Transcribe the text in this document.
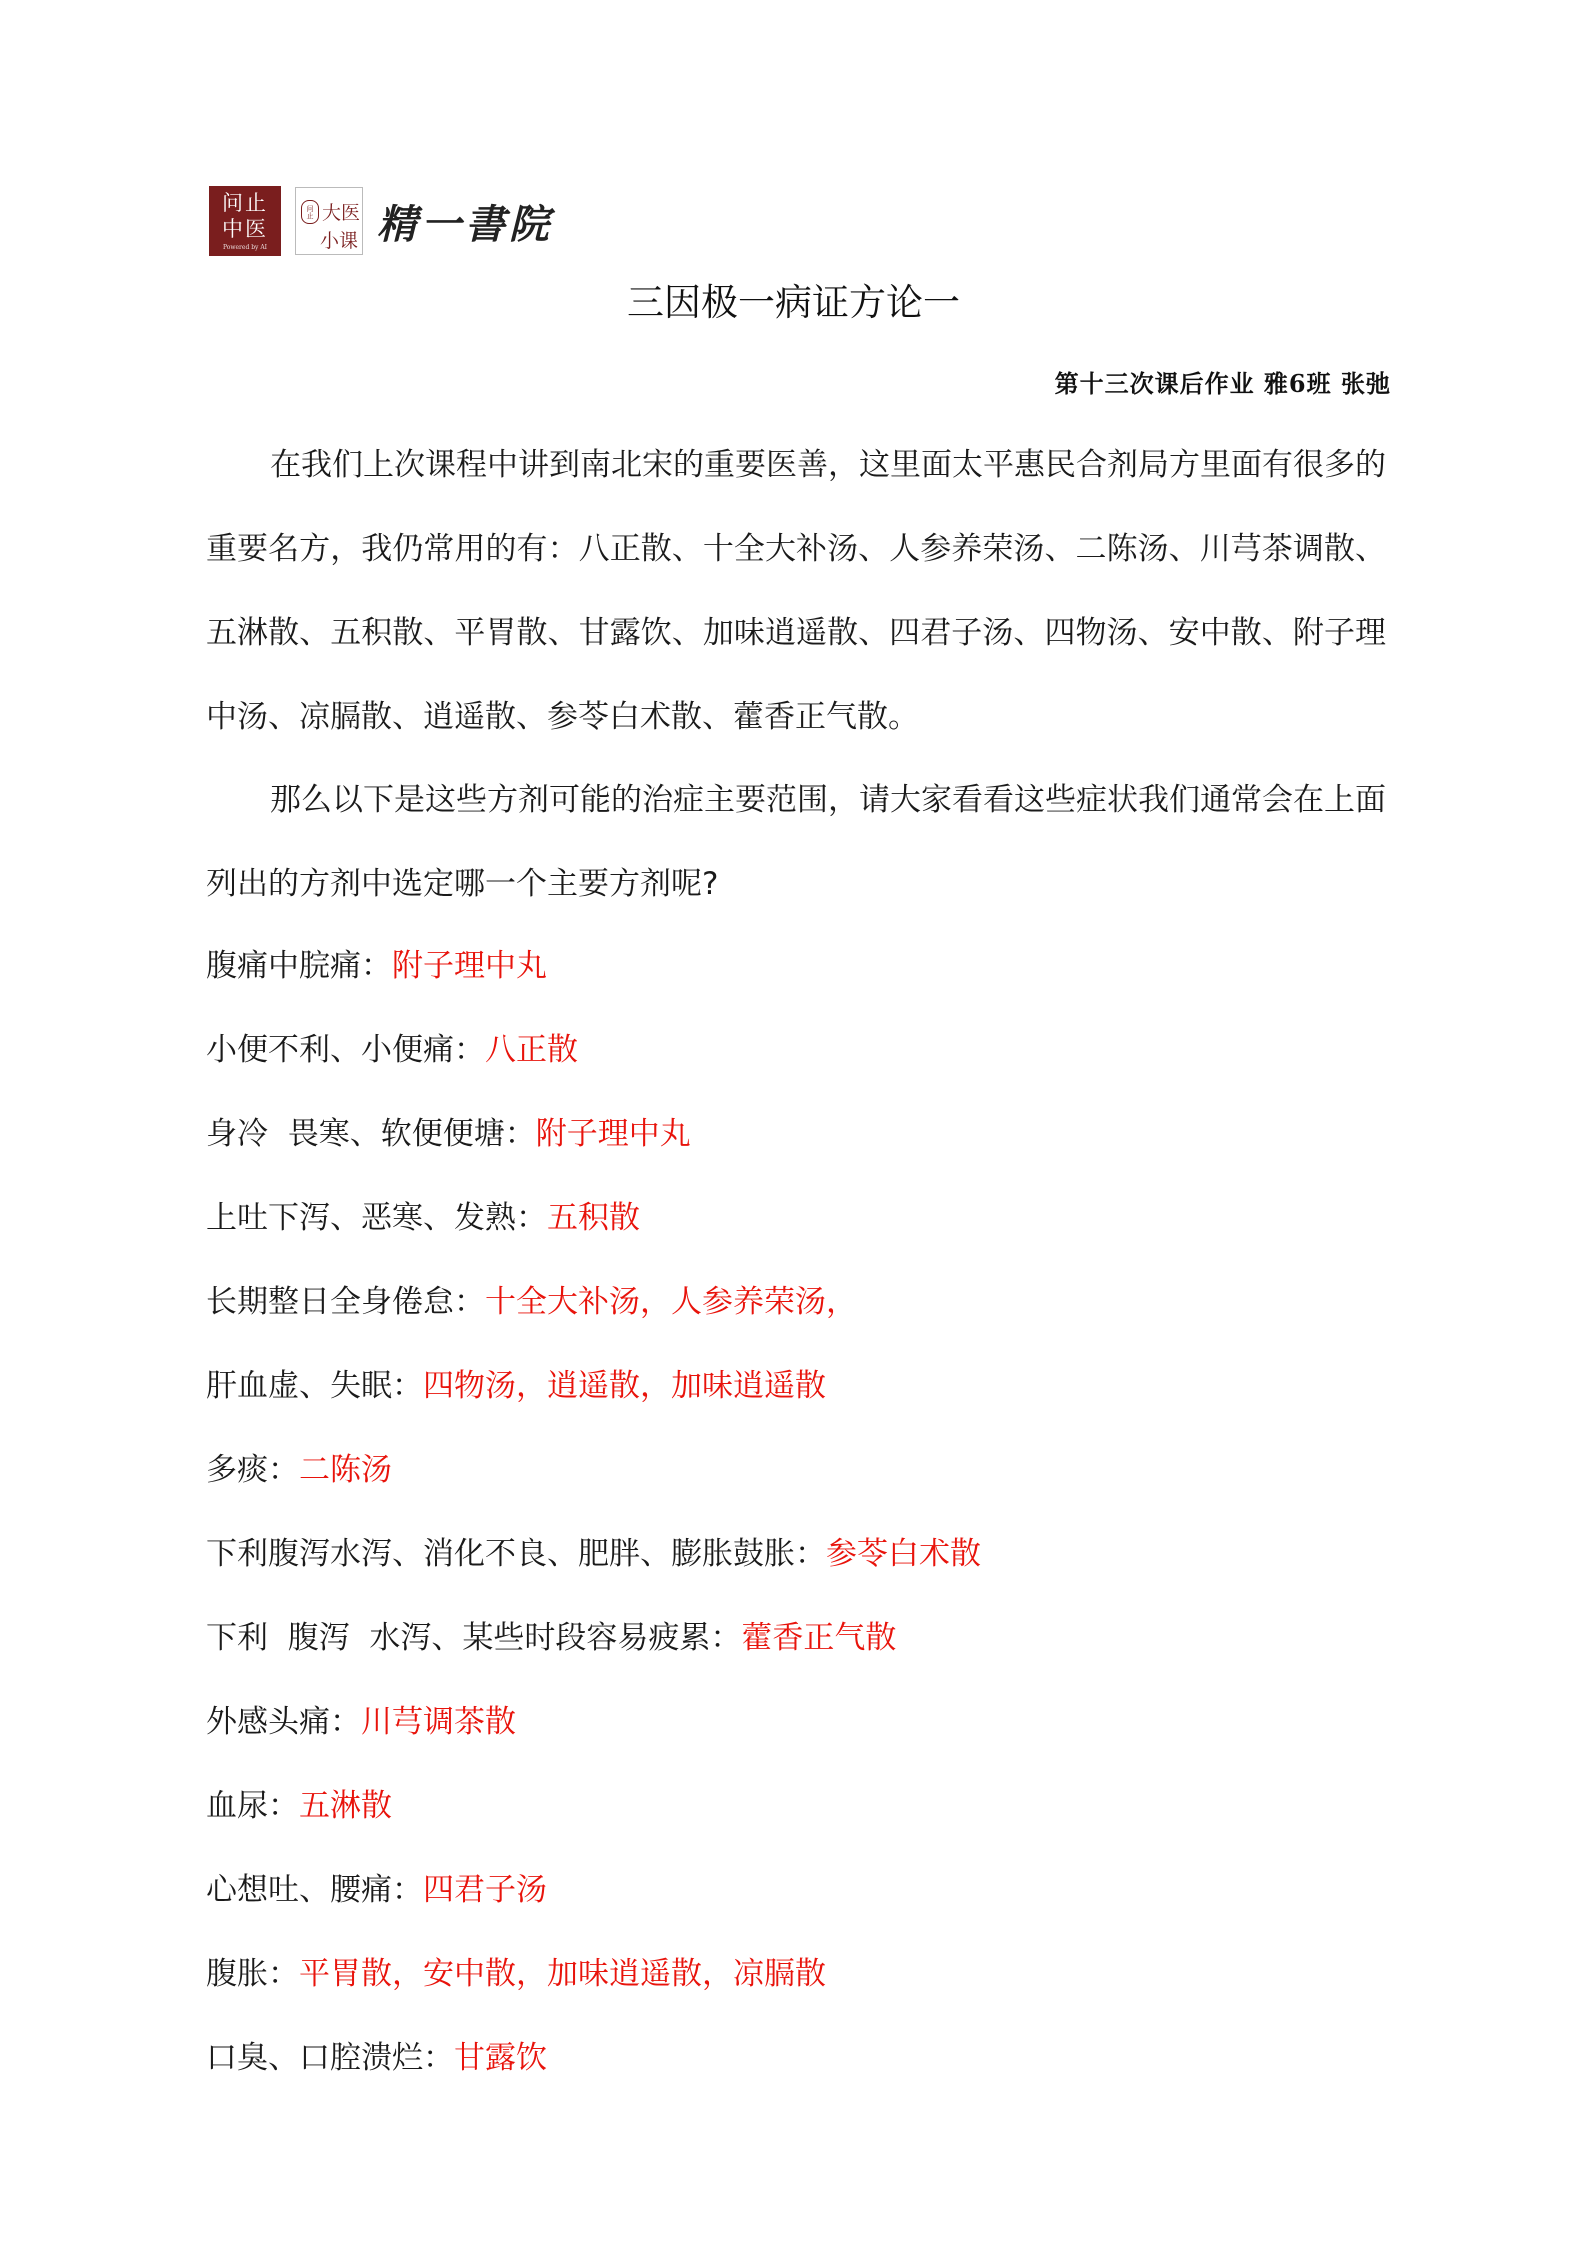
问止
中医
Powered by AI
问止 大医
小课 精一書院
三因极一病证方论一
第十三次课后作业 雅6班 张弛
在我们上次课程中讲到南北宋的重要医善，这里面太平惠民合剂局方里面有很多的重要名方，我仍常用的有：八正散、十全大补汤、人参养荣汤、二陈汤、川芎茶调散、五淋散、五积散、平胃散、甘露饮、加味逍遥散、四君子汤、四物汤、安中散、附子理中汤、凉膈散、逍遥散、参苓白术散、藿香正气散。
那么以下是这些方剂可能的治症主要范围，请大家看看这些症状我们通常会在上面列出的方剂中选定哪一个主要方剂呢?
腹痛中脘痛：附子理中丸
小便不利、小便痛：八正散
身冷  畏寒、软便便塘：附子理中丸
上吐下泻、恶寒、发熟：五积散
长期整日全身倦怠：十全大补汤，人参养荣汤，
肝血虚、失眠：四物汤，逍遥散，加味逍遥散
多痰：二陈汤
下利腹泻水泻、消化不良、肥胖、膨胀鼓胀：参苓白术散
下利  腹泻  水泻、某些时段容易疲累：藿香正气散
外感头痛：川芎调茶散
血尿：五淋散
心想吐、腰痛：四君子汤
腹胀：平胃散，安中散，加味逍遥散，凉膈散
口臭、口腔溃烂：甘露饮
